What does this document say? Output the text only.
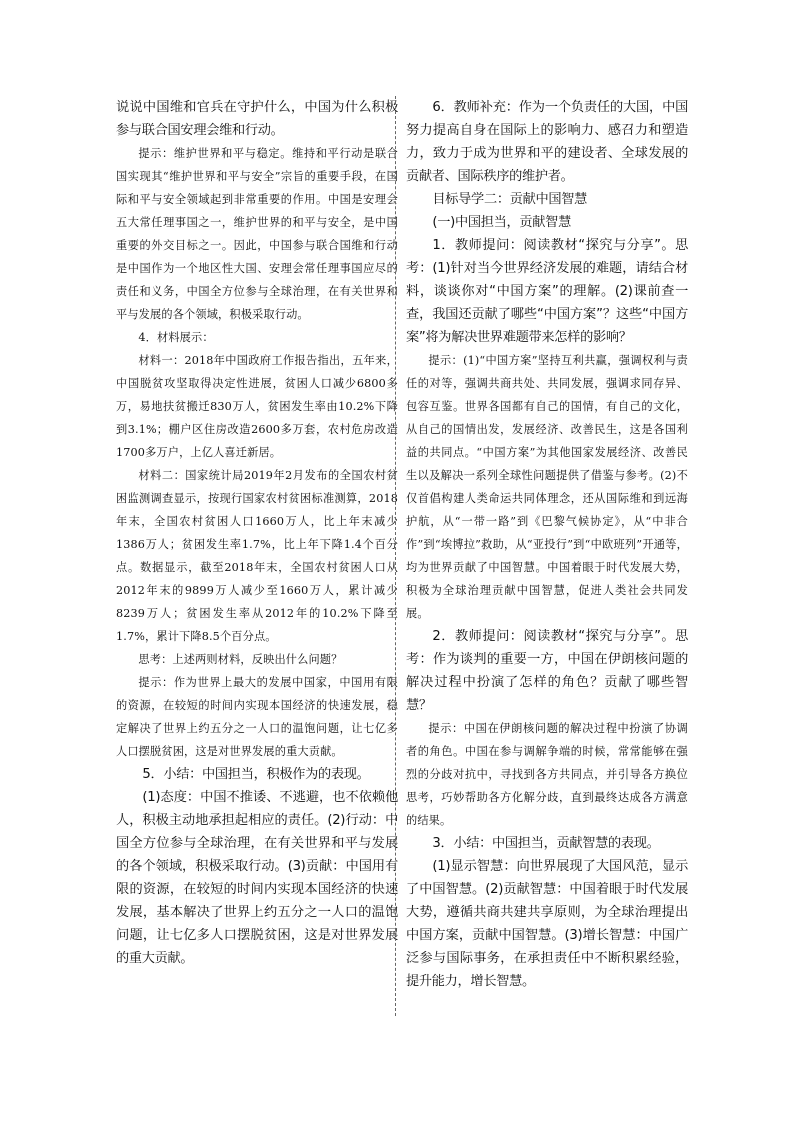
说说中国维和官兵在守护什么，中国为什么积极参与联合国安理会维和行动。

提示：维护世界和平与稳定。维持和平行动是联合国实现其“维护世界和平与安全”宗旨的重要手段，在国际和平与安全领域起到非常重要的作用。中国是安理会五大常任理事国之一，维护世界的和平与安全，是中国重要的外交目标之一。因此，中国参与联合国维和行动是中国作为一个地区性大国、安理会常任理事国应尽的责任和义务，中国全方位参与全球治理，在有关世界和平与发展的各个领域，积极采取行动。

4．材料展示：

材料一：2018年中国政府工作报告指出，五年来，中国脱贫攻坚取得决定性进展，贫困人口减少6800多万，易地扶贫搬迁830万人，贫困发生率由10.2%下降到3.1%；棚户区住房改造2600多万套，农村危房改造1700多万户，上亿人喜迁新居。

材料二：国家统计局2019年2月发布的全国农村贫困监测调查显示，按现行国家农村贫困标准测算，2018年末，全国农村贫困人口1660万人，比上年末减少1386万人；贫困发生率1.7%，比上年下降1.4个百分点。数据显示，截至2018年末，全国农村贫困人口从2012年末的9899万人减少至1660万人，累计减少8239万人；贫困发生率从2012年的10.2%下降至1.7%，累计下降8.5个百分点。

思考：上述两则材料，反映出什么问题？

提示：作为世界上最大的发展中国家，中国用有限的资源，在较短的时间内实现本国经济的快速发展，稳定解决了世界上约五分之一人口的温饱问题，让七亿多人口摆脱贫困，这是对世界发展的重大贡献。

5．小结：中国担当，积极作为的表现。

(1)态度：中国不推诿、不逃避，也不依赖他人，积极主动地承担起相应的责任。(2)行动：中国全方位参与全球治理，在有关世界和平与发展的各个领域，积极采取行动。(3)贡献：中国用有限的资源，在较短的时间内实现本国经济的快速发展，基本解决了世界上约五分之一人口的温饱问题，让七亿多人口摆脱贫困，这是对世界发展的重大贡献。

6．教师补充：作为一个负责任的大国，中国努力提高自身在国际上的影响力、感召力和塑造力，致力于成为世界和平的建设者、全球发展的贡献者、国际秩序的维护者。

目标导学二：贡献中国智慧

(一)中国担当，贡献智慧

1．教师提问：阅读教材“探究与分享”。思考：(1)针对当今世界经济发展的难题，请结合材料，谈谈你对“中国方案”的理解。(2)课前查一查，我国还贡献了哪些“中国方案”？这些“中国方案”将为解决世界难题带来怎样的影响？

提示：(1)“中国方案”坚持互利共赢，强调权利与责任的对等，强调共商共处、共同发展，强调求同存异、包容互鉴。世界各国都有自己的国情，有自己的文化，从自己的国情出发，发展经济、改善民生，这是各国利益的共同点。“中国方案”为其他国家发展经济、改善民生以及解决一系列全球性问题提供了借鉴与参考。(2)不仅首倡构建人类命运共同体理念，还从国际维和到远海护航，从“一带一路”到《巴黎气候协定》，从“中非合作”到“埃博拉”救助，从“亚投行”到“中欧班列”开通等，均为世界贡献了中国智慧。中国着眼于时代发展大势，积极为全球治理贡献中国智慧，促进人类社会共同发展。

2．教师提问：阅读教材“探究与分享”。思考：作为谈判的重要一方，中国在伊朗核问题的解决过程中扮演了怎样的角色？贡献了哪些智慧？

提示：中国在伊朗核问题的解决过程中扮演了协调者的角色。中国在参与调解争端的时候，常常能够在强烈的分歧对抗中，寻找到各方共同点，并引导各方换位思考，巧妙帮助各方化解分歧，直到最终达成各方满意的结果。

3．小结：中国担当，贡献智慧的表现。

(1)显示智慧：向世界展现了大国风范，显示了中国智慧。(2)贡献智慧：中国着眼于时代发展大势，遵循共商共建共享原则，为全球治理提出中国方案，贡献中国智慧。(3)增长智慧：中国广泛参与国际事务，在承担责任中不断积累经验，提升能力，增长智慧。
